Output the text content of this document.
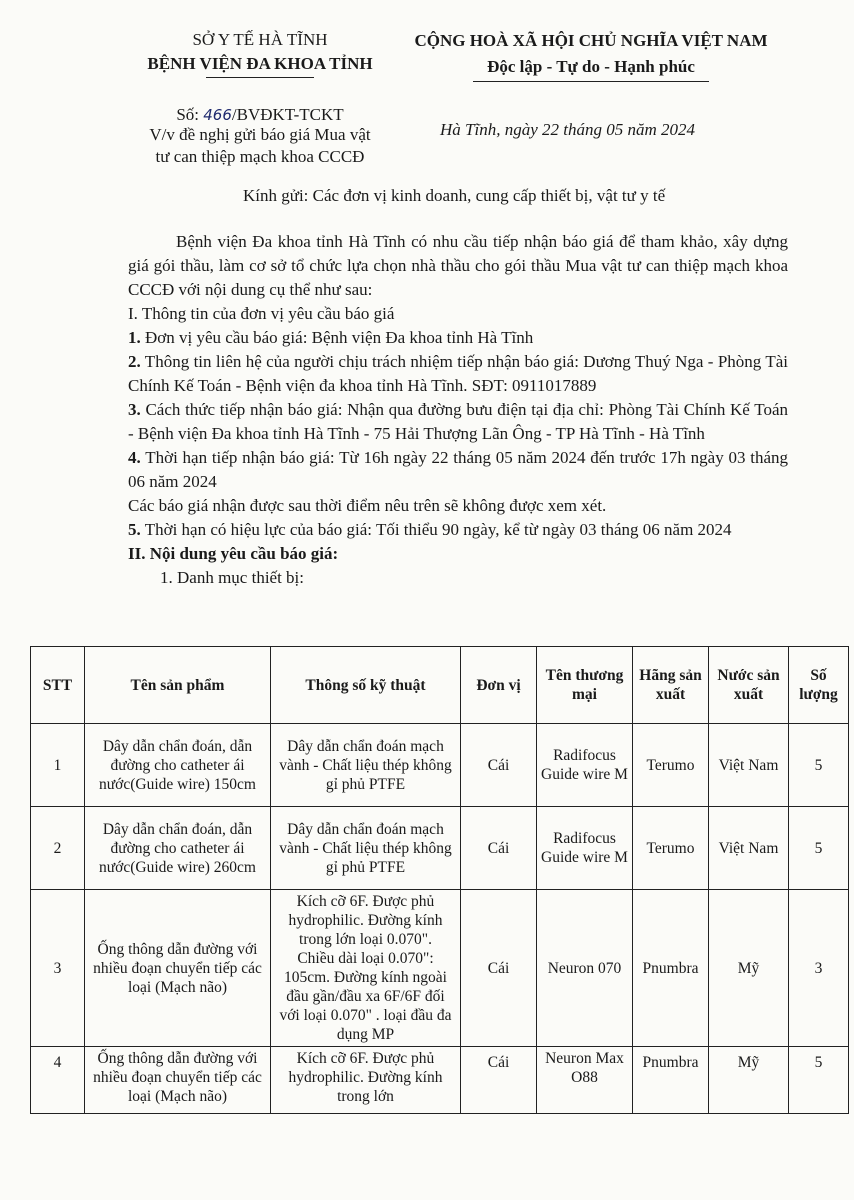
SỞ Y TẾ HÀ TĨNH
BỆNH VIỆN ĐA KHOA TỈNH
CỘNG HOÀ XÃ HỘI CHỦ NGHĨA VIỆT NAM
Độc lập - Tự do - Hạnh phúc
Số: 466/BVĐKT-TCKT
V/v đề nghị gửi báo giá Mua vật
tư can thiệp mạch khoa CCCĐ
Hà Tĩnh, ngày 22 tháng 05 năm 2024
Kính gửi: Các đơn vị kinh doanh, cung cấp thiết bị, vật tư y tế

Bệnh viện Đa khoa tỉnh Hà Tĩnh có nhu cầu tiếp nhận báo giá để tham khảo, xây dựng giá gói thầu, làm cơ sở tổ chức lựa chọn nhà thầu cho gói thầu Mua vật tư can thiệp mạch khoa CCCĐ với nội dung cụ thể như sau:

I. Thông tin của đơn vị yêu cầu báo giá

1. Đơn vị yêu cầu báo giá: Bệnh viện Đa khoa tỉnh Hà Tĩnh

2. Thông tin liên hệ của người chịu trách nhiệm tiếp nhận báo giá: Dương Thuý Nga - Phòng Tài Chính Kế Toán - Bệnh viện đa khoa tỉnh Hà Tĩnh. SĐT: 0911017889

3. Cách thức tiếp nhận báo giá: Nhận qua đường bưu điện tại địa chỉ: Phòng Tài Chính Kế Toán - Bệnh viện Đa khoa tỉnh Hà Tĩnh - 75 Hải Thượng Lãn Ông - TP Hà Tĩnh - Hà Tĩnh

4. Thời hạn tiếp nhận báo giá: Từ 16h ngày 22 tháng 05 năm 2024 đến trước 17h ngày 03 tháng 06 năm 2024

Các báo giá nhận được sau thời điểm nêu trên sẽ không được xem xét.

5. Thời hạn có hiệu lực của báo giá: Tối thiểu 90 ngày, kể từ ngày 03 tháng 06 năm 2024

II. Nội dung yêu cầu báo giá:

1. Danh mục thiết bị:

STT	Tên sản phẩm	Thông số kỹ thuật	Đơn vị	Tên thương mại	Hãng sản xuất	Nước sản xuất	Số lượng
1	Dây dẫn chẩn đoán, dẫn đường cho catheter ái nước(Guide wire) 150cm	Dây dẫn chẩn đoán mạch vành - Chất liệu thép không gỉ phủ PTFE	Cái	Radifocus Guide wire M	Terumo	Việt Nam	5
2	Dây dẫn chẩn đoán, dẫn đường cho catheter ái nước(Guide wire) 260cm	Dây dẫn chẩn đoán mạch vành - Chất liệu thép không gỉ phủ PTFE	Cái	Radifocus Guide wire M	Terumo	Việt Nam	5
3	Ống thông dẫn đường với nhiều đoạn chuyển tiếp các loại (Mạch não)	Kích cỡ 6F. Được phủ hydrophilic. Đường kính trong lớn loại 0.070". Chiều dài loại 0.070": 105cm. Đường kính ngoài đầu gần/đầu xa 6F/6F đối với loại 0.070" . loại đầu đa dụng MP	Cái	Neuron 070	Pnumbra	Mỹ	3

4	Ống thông dẫn đường với nhiều đoạn chuyển tiếp các loại (Mạch não)	Kích cỡ 6F. Được phủ hydrophilic. Đường kính trong lớn	Cái	Neuron Max O88	Pnumbra	Mỹ	5
